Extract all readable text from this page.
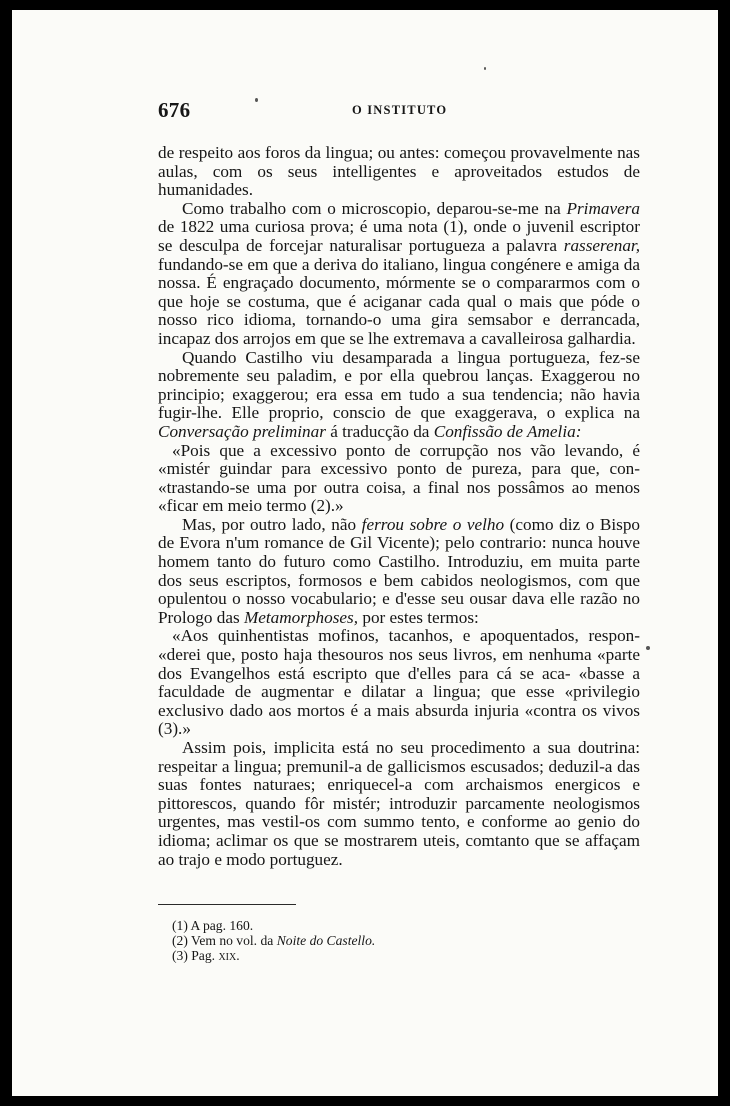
676	O INSTITUTO

de respeito aos foros da lingua; ou antes: começou provavelmente nas aulas, com os seus intelligentes e aproveitados estudos de humanidades.

Como trabalho com o microscopio, deparou-se-me na Primavera de 1822 uma curiosa prova; é uma nota (1), onde o juvenil escriptor se desculpa de forcejar naturalisar portugueza a palavra rasserenar, fundando-se em que a deriva do italiano, lingua congénere e amiga da nossa. É engraçado documento, mórmente se o compararmos com o que hoje se costuma, que é aciganar cada qual o mais que póde o nosso rico idioma, tornando-o uma gira semsabor e derrancada, incapaz dos arrojos em que se lhe extremava a cavalleirosa galhardia.

Quando Castilho viu desamparada a lingua portugueza, fez-se nobremente seu paladim, e por ella quebrou lanças. Exaggerou no principio; exaggerou; era essa em tudo a sua tendencia; não havia fugir-lhe. Elle proprio, conscio de que exaggerava, o explica na Conversação preliminar á traducção da Confissão de Amelia:

«Pois que a excessivo ponto de corrupção nos vão levando, é «mistér guindar para excessivo ponto de pureza, para que, con- «trastando-se uma por outra coisa, a final nos possâmos ao menos «ficar em meio termo (2).»

Mas, por outro lado, não ferrou sobre o velho (como diz o Bispo de Evora n'um romance de Gil Vicente); pelo contrario: nunca houve homem tanto do futuro como Castilho. Introduziu, em muita parte dos seus escriptos, formosos e bem cabidos neologismos, com que opulentou o nosso vocabulario; e d'esse seu ousar dava elle razão no Prologo das Metamorphoses, por estes termos:

«Aos quinhentistas mofinos, tacanhos, e apoquentados, respon- «derei que, posto haja thesouros nos seus livros, em nenhuma «parte dos Evangelhos está escripto que d'elles para cá se aca- «basse a faculdade de augmentar e dilatar a lingua; que esse «privilegio exclusivo dado aos mortos é a mais absurda injuria «contra os vivos (3).»

Assim pois, implicita está no seu procedimento a sua doutrina: respeitar a lingua; premunil-a de gallicismos escusados; deduzil-a das suas fontes naturaes; enriquecel-a com archaismos energicos e pittorescos, quando fôr mistér; introduzir parcamente neologismos urgentes, mas vestil-os com summo tento, e conforme ao genio do idioma; aclimar os que se mostrarem uteis, comtanto que se affaçam ao trajo e modo portuguez.

(1) A pag. 160.
(2) Vem no vol. da Noite do Castello.
(3) Pag. xix.
